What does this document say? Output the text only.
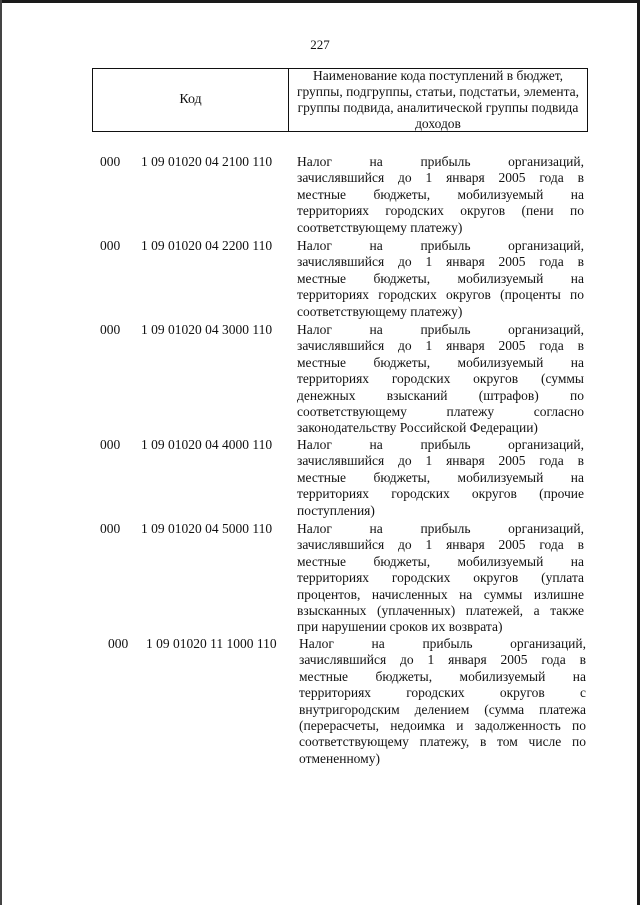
227
Код
Наименование кода поступлений в бюджет, группы, подгруппы, статьи, подстатьи, элемента, группы подвида, аналитической группы подвида доходов
000 1 09 01020 04 2100 110 Налог на прибыль организаций,
зачислявшийся до 1 января 2005 года в
местные бюджеты, мобилизуемый на
территориях городских округов (пени по
соответствующему платежу)
000 1 09 01020 04 2200 110 Налог на прибыль организаций,
зачислявшийся до 1 января 2005 года в
местные бюджеты, мобилизуемый на
территориях городских округов (проценты по
соответствующему платежу)
000 1 09 01020 04 3000 110 Налог на прибыль организаций,
зачислявшийся до 1 января 2005 года в
местные бюджеты, мобилизуемый на
территориях городских округов (суммы
денежных взысканий (штрафов) по
соответствующему платежу согласно
законодательству Российской Федерации)
000 1 09 01020 04 4000 110 Налог на прибыль организаций,
зачислявшийся до 1 января 2005 года в
местные бюджеты, мобилизуемый на
территориях городских округов (прочие
поступления)
000 1 09 01020 04 5000 110 Налог на прибыль организаций,
зачислявшийся до 1 января 2005 года в
местные бюджеты, мобилизуемый на
территориях городских округов (уплата
процентов, начисленных на суммы излишне
взысканных (уплаченных) платежей, а также
при нарушении сроков их возврата)
000 1 09 01020 11 1000 110 Налог на прибыль организаций,
зачислявшийся до 1 января 2005 года в
местные бюджеты, мобилизуемый на
территориях городских округов с
внутригородским делением (сумма платежа
(перерасчеты, недоимка и задолженность по
соответствующему платежу, в том числе по
отмененному)
